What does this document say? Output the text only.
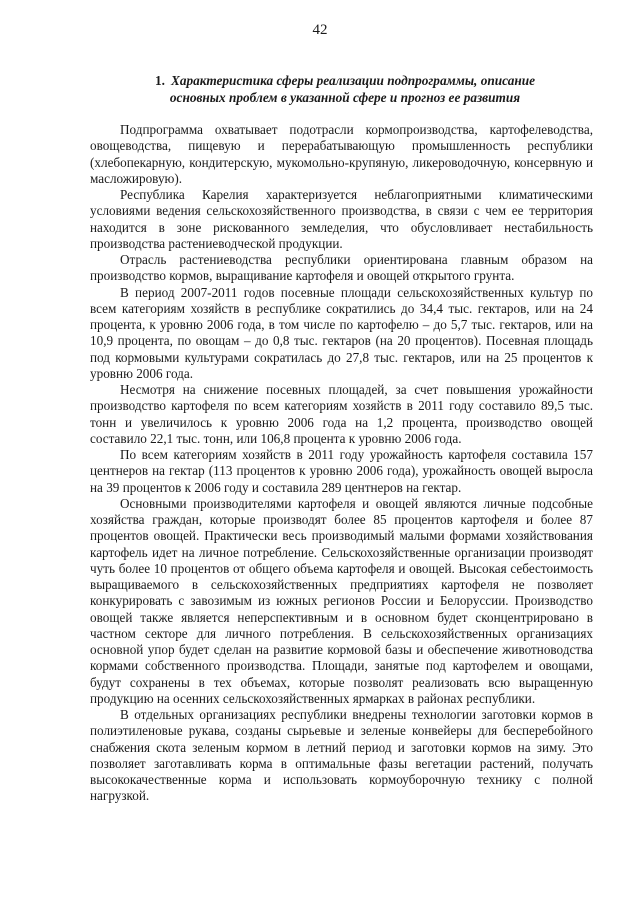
42
1. Характеристика сферы реализации подпрограммы, описание
основных проблем в указанной сфере и прогноз ее развития

Подпрограмма охватывает подотрасли кормопроизводства, картофелеводства, овощеводства, пищевую и перерабатывающую промышленность республики (хлебопекарную, кондитерскую, мукомольно-крупяную, ликероводочную, консервную и масложировую).

Республика Карелия характеризуется неблагоприятными климатическими условиями ведения сельскохозяйственного производства, в связи с чем ее территория находится в зоне рискованного земледелия, что обусловливает нестабильность производства растениеводческой продукции.

Отрасль растениеводства республики ориентирована главным образом на производство кормов, выращивание картофеля и овощей открытого грунта.

В период 2007-2011 годов посевные площади сельскохозяйственных культур по всем категориям хозяйств в республике сократились до 34,4 тыс. гектаров, или на 24 процента, к уровню 2006 года, в том числе по картофелю – до 5,7 тыс. гектаров, или на 10,9 процента, по овощам – до 0,8 тыс. гектаров (на 20 процентов). Посевная площадь под кормовыми культурами сократилась до 27,8 тыс. гектаров, или на 25 процентов к уровню 2006 года.

Несмотря на снижение посевных площадей, за счет повышения урожайности производство картофеля по всем категориям хозяйств в 2011 году составило 89,5 тыс. тонн и увеличилось к уровню 2006 года на 1,2 процента, производство овощей составило 22,1 тыс. тонн, или 106,8 процента к уровню 2006 года.

По всем категориям хозяйств в 2011 году урожайность картофеля составила 157 центнеров на гектар (113 процентов к уровню 2006 года), урожайность овощей выросла на 39 процентов к 2006 году и составила 289 центнеров на гектар.

Основными производителями картофеля и овощей являются личные подсобные хозяйства граждан, которые производят более 85 процентов картофеля и более 87 процентов овощей. Практически весь производимый малыми формами хозяйствования картофель идет на личное потребление. Сельскохозяйственные организации производят чуть более 10 процентов от общего объема картофеля и овощей. Высокая себестоимость выращиваемого в сельскохозяйственных предприятиях картофеля не позволяет конкурировать с завозимым из южных регионов России и Белоруссии. Производство овощей также является неперспективным и в основном будет сконцентрировано в частном секторе для личного потребления. В сельскохозяйственных организациях основной упор будет сделан на развитие кормовой базы и обеспечение животноводства кормами собственного производства. Площади, занятые под картофелем и овощами, будут сохранены в тех объемах, которые позволят реализовать всю выращенную продукцию на осенних сельскохозяйственных ярмарках в районах республики.

В отдельных организациях республики внедрены технологии заготовки кормов в полиэтиленовые рукава, созданы сырьевые и зеленые конвейеры для бесперебойного снабжения скота зеленым кормом в летний период и заготовки кормов на зиму. Это позволяет заготавливать корма в оптимальные фазы вегетации растений, получать высококачественные корма и использовать кормоуборочную технику с полной нагрузкой.
